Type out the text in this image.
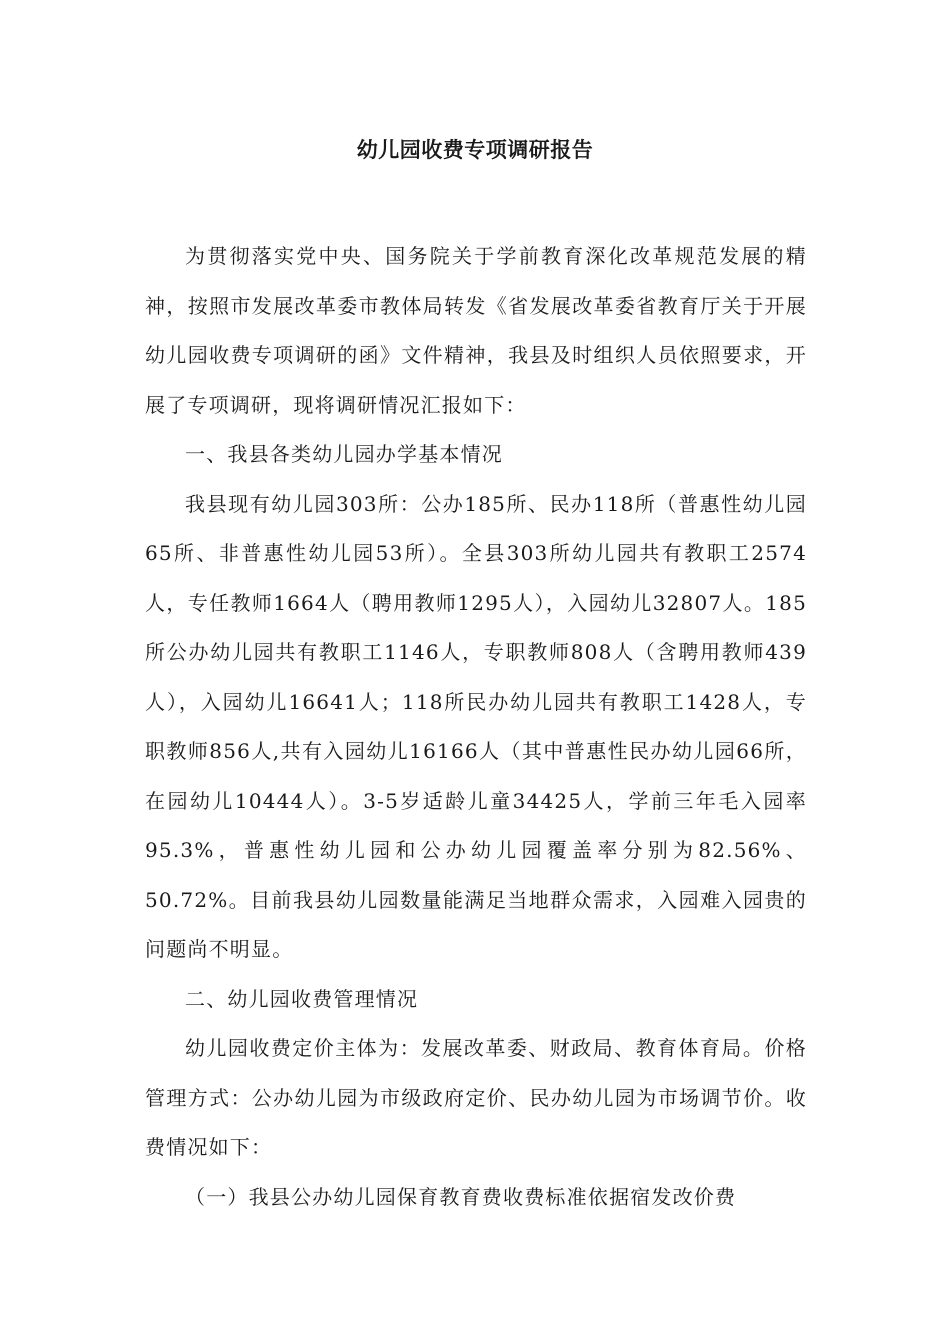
幼儿园收费专项调研报告

为贯彻落实党中央、国务院关于学前教育深化改革规范发展的精神，按照市发展改革委市教体局转发《省发展改革委省教育厅关于开展幼儿园收费专项调研的函》文件精神，我县及时组织人员依照要求，开展了专项调研，现将调研情况汇报如下：

一、我县各类幼儿园办学基本情况

我县现有幼儿园303所：公办185所、民办118所（普惠性幼儿园65所、非普惠性幼儿园53所）。全县303所幼儿园共有教职工2574人，专任教师1664人（聘用教师1295人），入园幼儿32807人。185所公办幼儿园共有教职工1146人，专职教师808人（含聘用教师439人），入园幼儿16641人；118所民办幼儿园共有教职工1428人，专职教师856人,共有入园幼儿16166人（其中普惠性民办幼儿园66所，在园幼儿10444人）。3-5岁适龄儿童34425人，学前三年毛入园率95.3%，普惠性幼儿园和公办幼儿园覆盖率分别为82.56%、50.72%。目前我县幼儿园数量能满足当地群众需求，入园难入园贵的问题尚不明显。

二、幼儿园收费管理情况

幼儿园收费定价主体为：发展改革委、财政局、教育体育局。价格管理方式：公办幼儿园为市级政府定价、民办幼儿园为市场调节价。收费情况如下：

（一）我县公办幼儿园保育教育费收费标准依据宿发改价费
